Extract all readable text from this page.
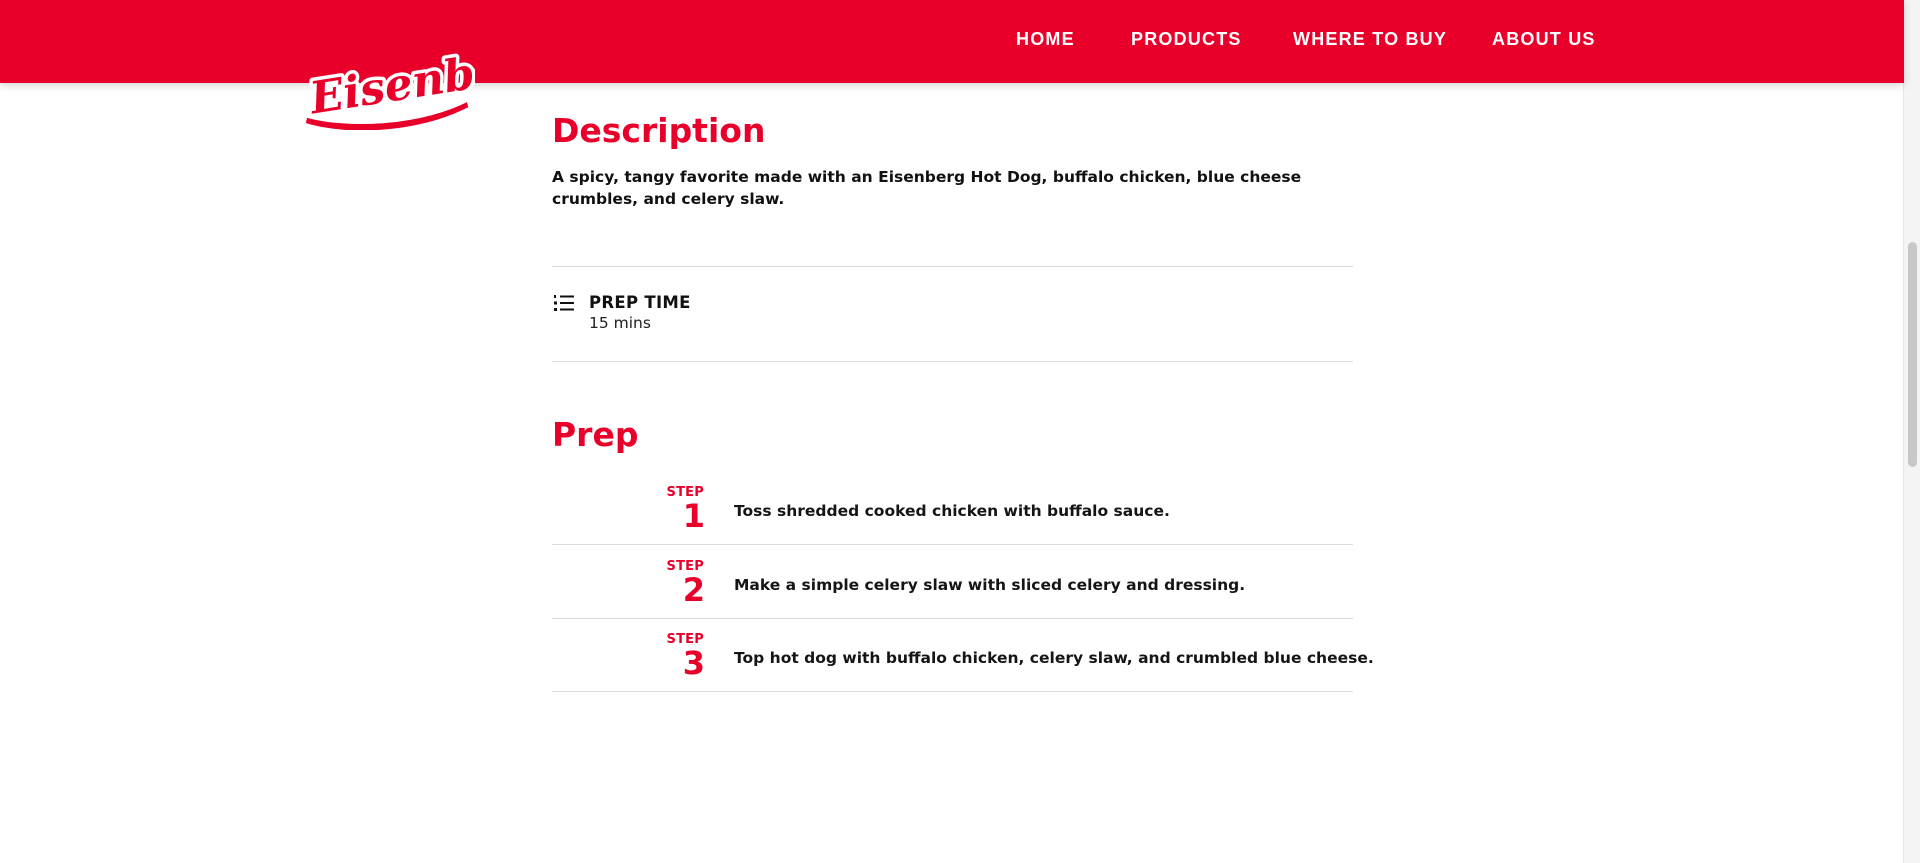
HOME	PRODUCTS	WHERE TO BUY ABOUT US
Eisenberg
Eisenberg
Description

A spicy, tangy favorite made with an Eisenberg Hot Dog, buffalo chicken, blue cheese crumbles, and celery slaw.

PREP TIME
15 mins
Prep
STEP
1 Toss shredded cooked chicken with buffalo sauce.
STEP
2 Make a simple celery slaw with sliced celery and dressing.
STEP
3 Top hot dog with buffalo chicken, celery slaw, and crumbled blue cheese.
